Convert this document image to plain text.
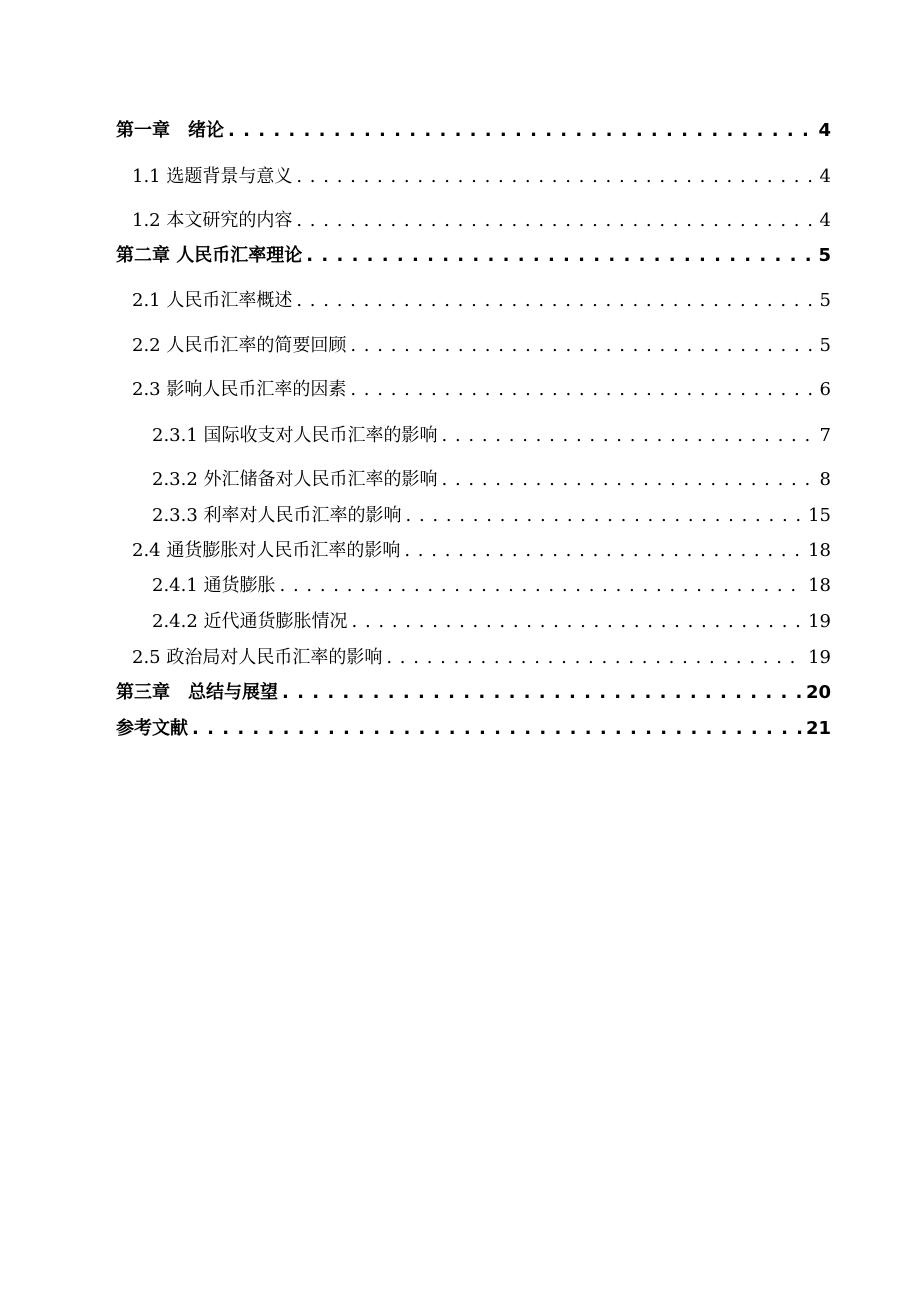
第一章　绪论 . . .	4
1.1 选题背景与意义 . . .	4
1.2 本文研究的内容 . . .	4
第二章 人民币汇率理论 . . .	5
2.1 人民币汇率概述 . . .	5
2.2 人民币汇率的简要回顾 . . .	5
2.3 影响人民币汇率的因素 . . .	6
2.3.1 国际收支对人民币汇率的影响 . . .	7
2.3.2 外汇储备对人民币汇率的影响 . . .	8
2.3.3 利率对人民币汇率的影响 . . .	15
2.4 通货膨胀对人民币汇率的影响 . . .	18
2.4.1 通货膨胀 . . .	18
2.4.2 近代通货膨胀情况 . . .	19
2.5 政治局对人民币汇率的影响 . . .	19
第三章　总结与展望 . . .	20
参考文献 . . .	21
